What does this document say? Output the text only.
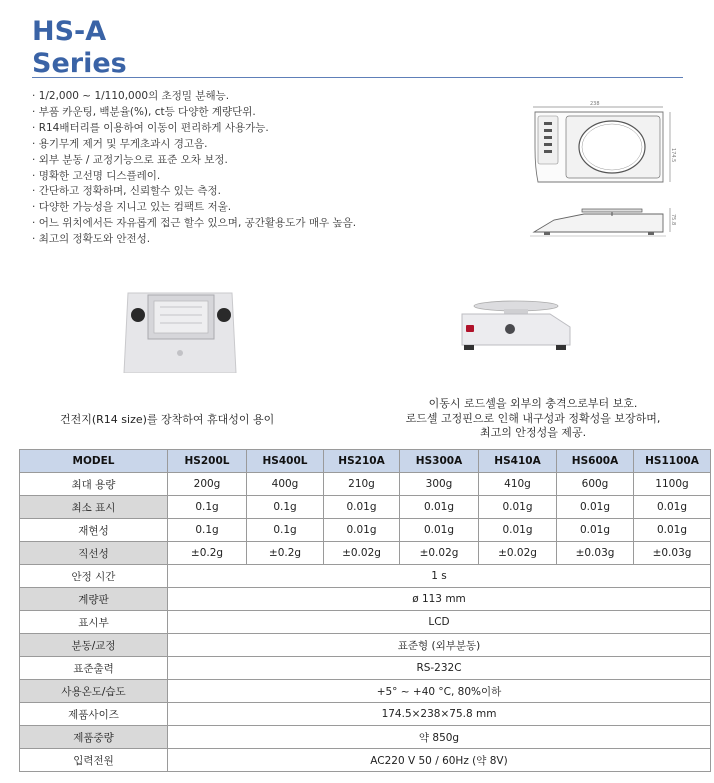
HS-A
Series
· 1/2,000 ~ 1/110,000의 초정밀 분해능.
· 부품 카운팅, 백분율(%), ct등 다양한 계량단위.
· R14배터리를 이용하여 이동이 편리하게 사용가능.
· 용기무게 제거 및 무게초과시 경고음.
· 외부 분동 / 교정기능으로 표준 오차 보정.
· 명확한 고선명 디스플레이.
· 간단하고 정확하며, 신뢰할수 있는 측정.
· 다양한 가능성을 지니고 있는 컴팩트 저울.
· 어느 위치에서든 자유롭게 접근 할수 있으며, 공간활용도가 매우 높음.
· 최고의 정확도와 안전성.
238
174.5
75.8
건전지(R14 size)를 장착하여 휴대성이 용이
이동시 로드셀을 외부의 충격으로부터 보호.
로드셀 고정핀으로 인해 내구성과 정확성을 보장하며,
최고의 안정성을 제공.
MODEL	HS200L	HS400L	HS210A	HS300A	HS410A	HS600A	HS1100A
최대 용량	200g	400g	210g	300g	410g	600g	1100g
최소 표시	0.1g	0.1g	0.01g	0.01g	0.01g	0.01g	0.01g
재현성	0.1g	0.1g	0.01g	0.01g	0.01g	0.01g	0.01g
직선성	±0.2g	±0.2g	±0.02g	±0.02g	±0.02g	±0.03g	±0.03g
안정 시간	1 s						
계량판	ø 113 mm						
표시부	LCD						
분동/교정	표준형 (외부분동)						
표준출력	RS-232C						
사용온도/습도	+5° ~ +40 °C, 80%이하						
제품사이즈	174.5×238×75.8 mm						
제품중량	약 850g						
입력전원	AC220 V 50 / 60Hz (약 8V)						
